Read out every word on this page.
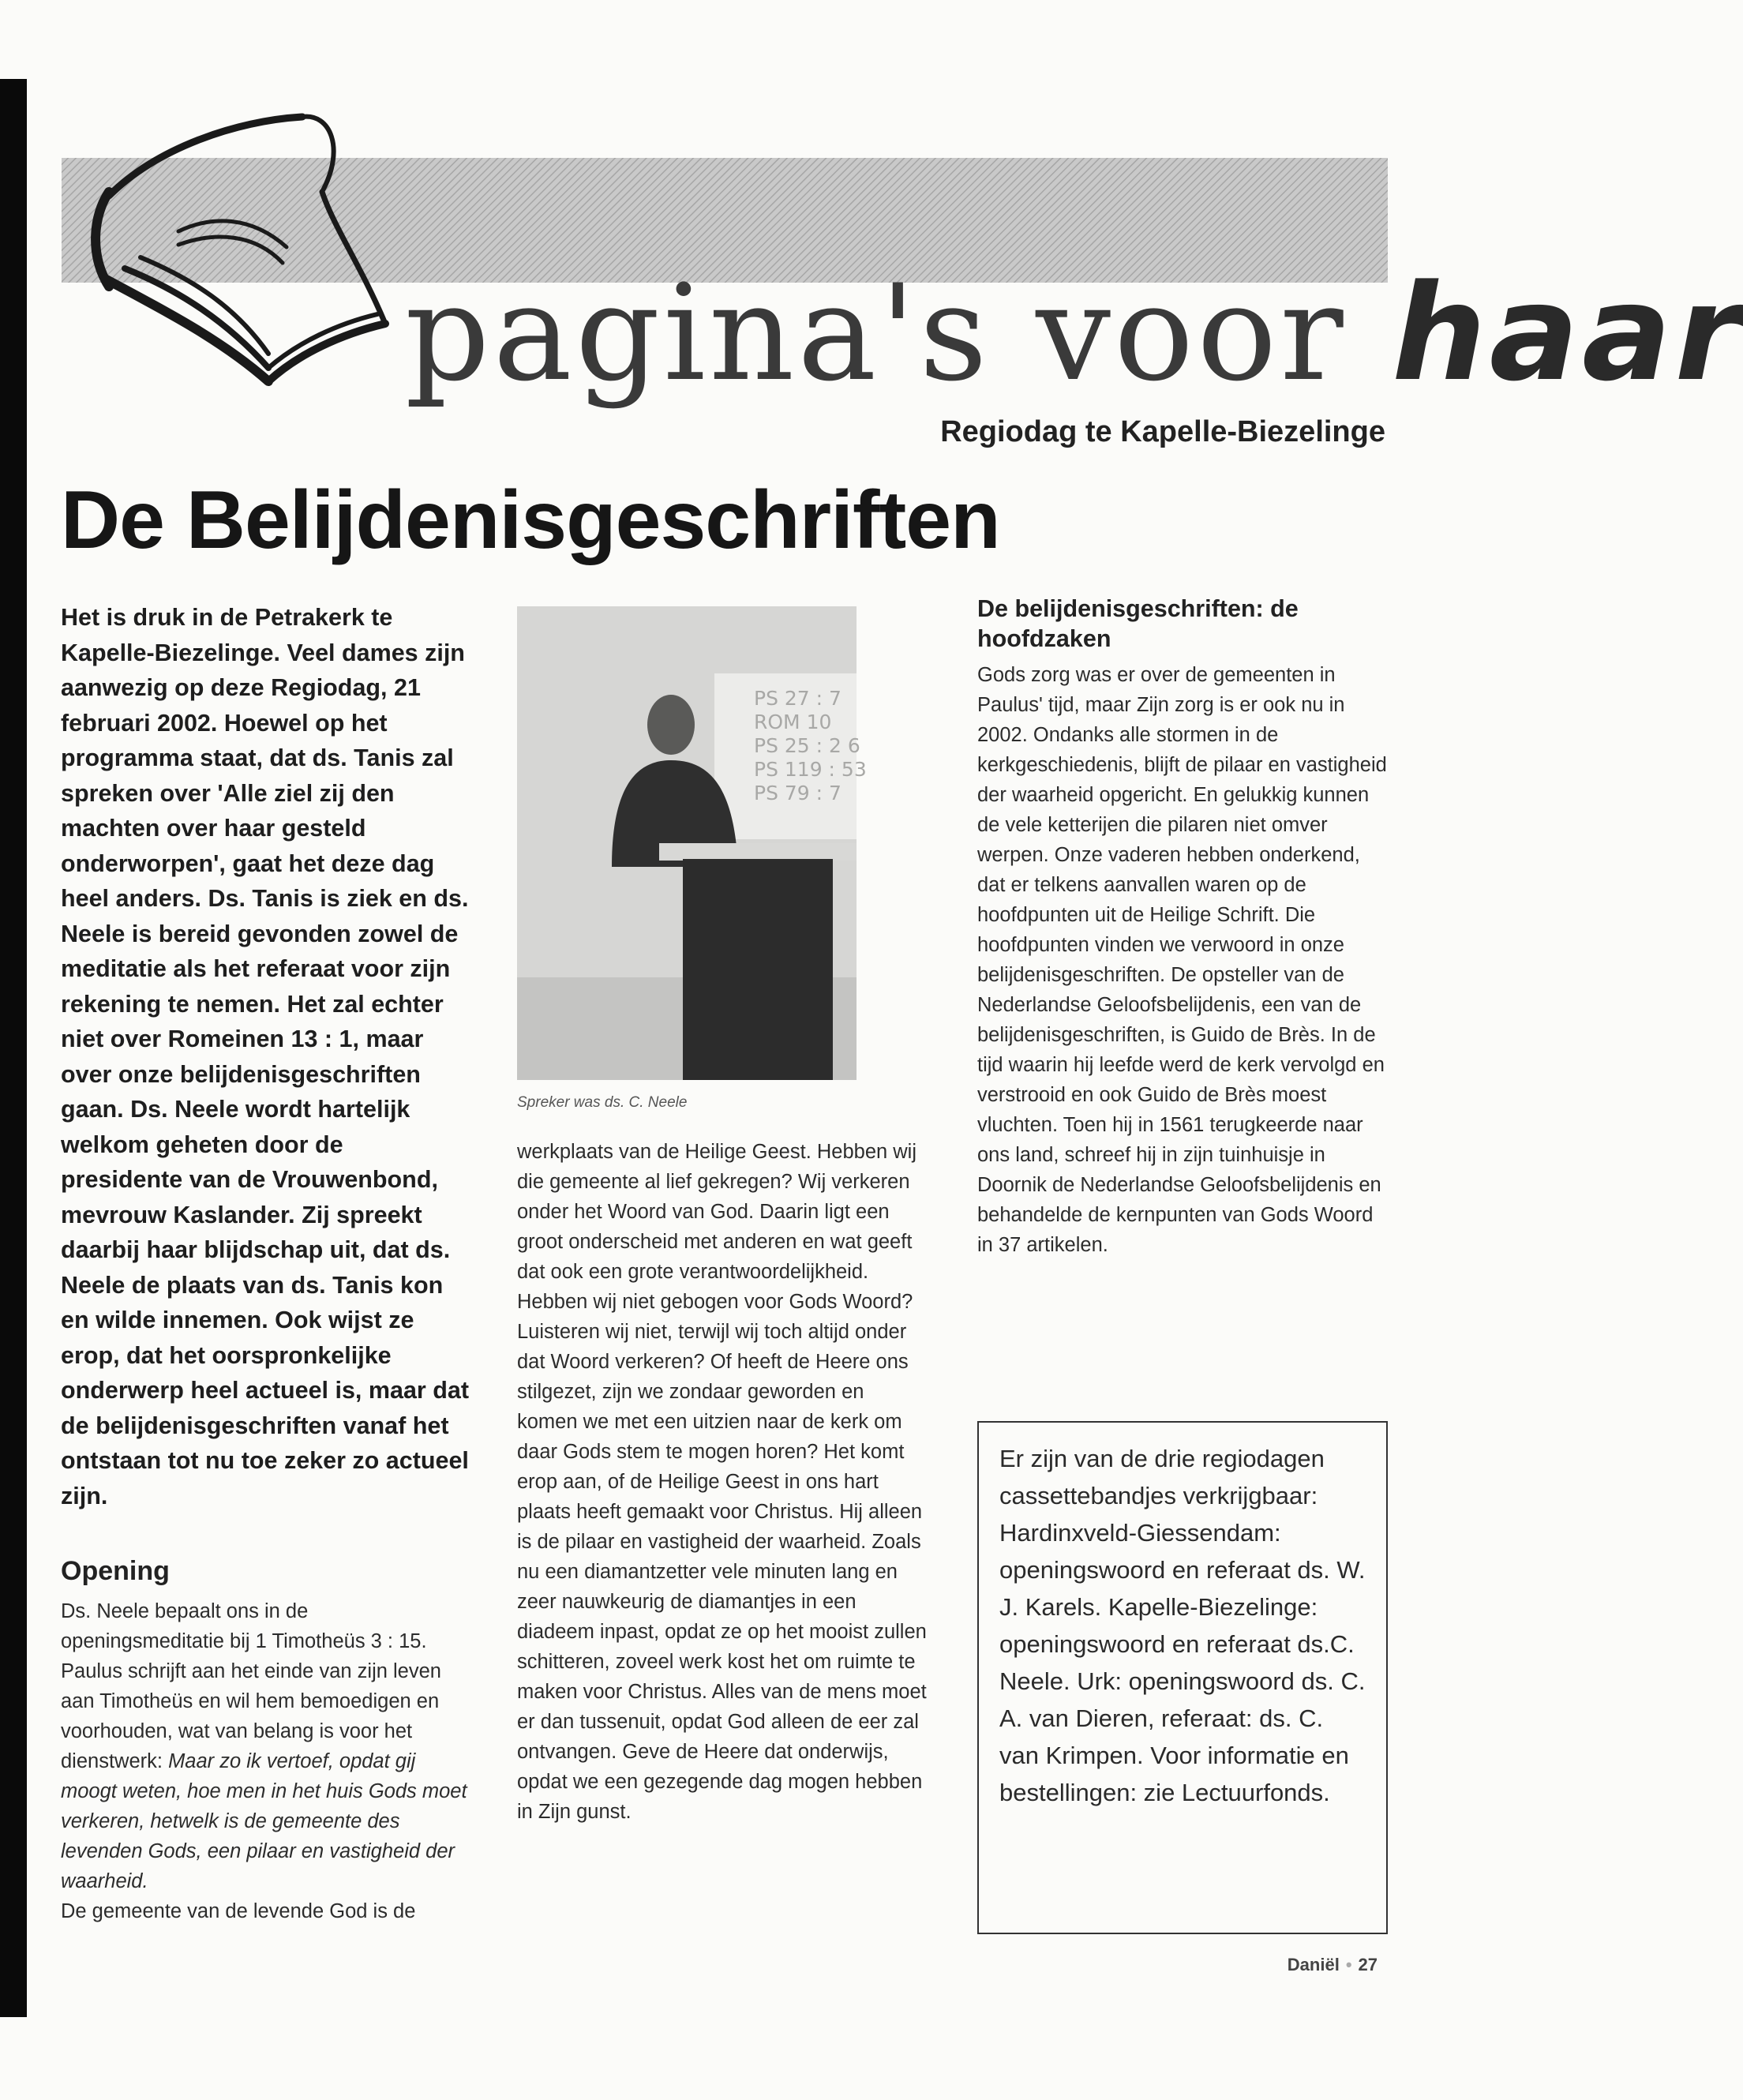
pagina's voor haar
Regiodag te Kapelle-Biezelinge
De Belijdenisgeschriften

Het is druk in de Petrakerk te Kapelle-Biezelinge. Veel dames zijn aanwezig op deze Regiodag, 21 februari 2002. Hoewel op het programma staat, dat ds. Tanis zal spreken over 'Alle ziel zij den machten over haar gesteld onderworpen', gaat het deze dag heel anders. Ds. Tanis is ziek en ds. Neele is bereid gevonden zowel de meditatie als het referaat voor zijn rekening te nemen. Het zal echter niet over Romeinen 13 : 1, maar over onze belijdenisgeschriften gaan. Ds. Neele wordt hartelijk welkom geheten door de presidente van de Vrouwenbond, mevrouw Kaslander. Zij spreekt daarbij haar blijdschap uit, dat ds. Neele de plaats van ds. Tanis kon en wilde innemen. Ook wijst ze erop, dat het oorspronkelijke onderwerp heel actueel is, maar dat de belijdenisgeschriften vanaf het ontstaan tot nu toe zeker zo actueel zijn.

Opening

Ds. Neele bepaalt ons in de openingsmeditatie bij 1 Timotheüs 3 : 15. Paulus schrijft aan het einde van zijn leven aan Timotheüs en wil hem bemoedigen en voorhouden, wat van belang is voor het dienstwerk: Maar zo ik vertoef, opdat gij moogt weten, hoe men in het huis Gods moet verkeren, hetwelk is de gemeente des levenden Gods, een pilaar en vastigheid der waarheid.

De gemeente van de levende God is de

PS 27 : 7
ROM 10
PS 25 : 2 6
PS 119 : 53
PS 79 : 7

Spreker was ds. C. Neele

werkplaats van de Heilige Geest. Hebben wij die gemeente al lief gekregen? Wij verkeren onder het Woord van God. Daarin ligt een groot onderscheid met anderen en wat geeft dat ook een grote verantwoordelijkheid. Hebben wij niet gebogen voor Gods Woord? Luisteren wij niet, terwijl wij toch altijd onder dat Woord verkeren? Of heeft de Heere ons stilgezet, zijn we zondaar geworden en komen we met een uitzien naar de kerk om daar Gods stem te mogen horen? Het komt erop aan, of de Heilige Geest in ons hart plaats heeft gemaakt voor Christus. Hij alleen is de pilaar en vastigheid der waarheid. Zoals nu een diamantzetter vele minuten lang en zeer nauwkeurig de diamantjes in een diadeem inpast, opdat ze op het mooist zullen schitteren, zoveel werk kost het om ruimte te maken voor Christus. Alles van de mens moet er dan tussenuit, opdat God alleen de eer zal ontvangen. Geve de Heere dat onderwijs, opdat we een gezegende dag mogen hebben in Zijn gunst.

De belijdenisgeschriften: de hoofdzaken

Gods zorg was er over de gemeenten in Paulus' tijd, maar Zijn zorg is er ook nu in 2002. Ondanks alle stormen in de kerkgeschiedenis, blijft de pilaar en vastigheid der waarheid opgericht. En gelukkig kunnen de vele ketterijen die pilaren niet omver werpen. Onze vaderen hebben onderkend, dat er telkens aanvallen waren op de hoofdpunten uit de Heilige Schrift. Die hoofdpunten vinden we verwoord in onze belijdenisgeschriften. De opsteller van de Nederlandse Geloofsbelijdenis, een van de belijdenisgeschriften, is Guido de Brès. In de tijd waarin hij leefde werd de kerk vervolgd en verstrooid en ook Guido de Brès moest vluchten. Toen hij in 1561 terugkeerde naar ons land, schreef hij in zijn tuinhuisje in Doornik de Nederlandse Geloofsbelijdenis en behandelde de kernpunten van Gods Woord in 37 artikelen.

Er zijn van de drie regiodagen cassettebandjes verkrijgbaar: Hardinxveld-Giessendam: openingswoord en referaat ds. W. J. Karels. Kapelle-Biezelinge: openingswoord en referaat ds.C. Neele. Urk: openingswoord ds. C. A. van Dieren, referaat: ds. C. van Krimpen. Voor informatie en bestellingen: zie Lectuurfonds.

Daniël • 27
